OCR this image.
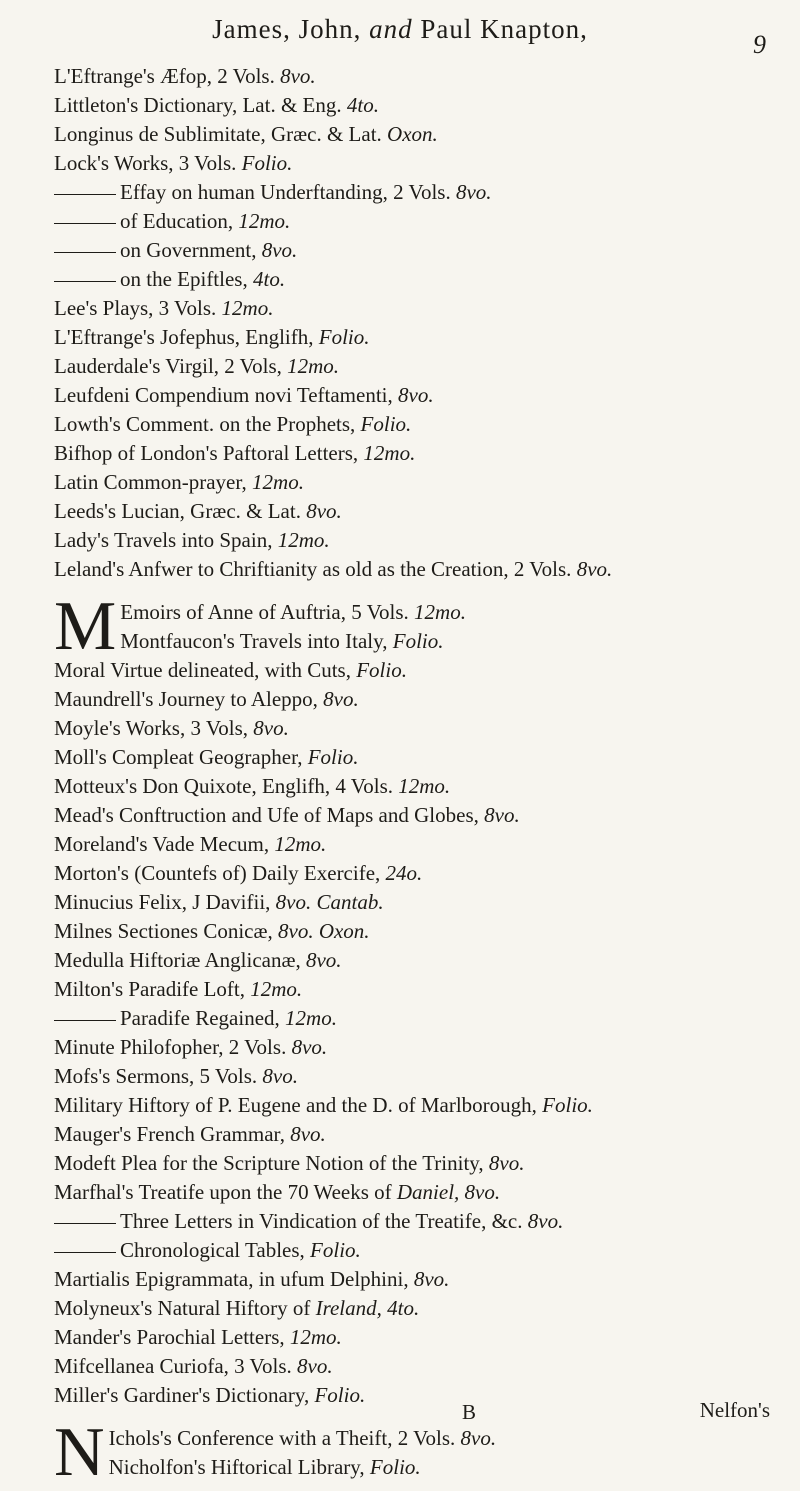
James, John, and Paul Knapton,
9
L'Eftrange's Æfop, 2 Vols. 8vo.
Littleton's Dictionary, Lat. & Eng. 4to.
Longinus de Sublimitate, Græc. & Lat. Oxon.
Lock's Works, 3 Vols. Folio.
Effay on human Underftanding, 2 Vols. 8vo.
of Education, 12mo.
on Government, 8vo.
on the Epiftles, 4to.
Lee's Plays, 3 Vols. 12mo.
L'Eftrange's Jofephus, Englifh, Folio.
Lauderdale's Virgil, 2 Vols, 12mo.
Leufdeni Compendium novi Teftamenti, 8vo.
Lowth's Comment. on the Prophets, Folio.
Bifhop of London's Paftoral Letters, 12mo.
Latin Common-prayer, 12mo.
Leeds's Lucian, Græc. & Lat. 8vo.
Lady's Travels into Spain, 12mo.
Leland's Anfwer to Chriftianity as old as the Creation, 2 Vols. 8vo.
M Emoirs of Anne of Auftria, 5 Vols. 12mo.
Montfaucon's Travels into Italy, Folio.
Moral Virtue delineated, with Cuts, Folio.
Maundrell's Journey to Aleppo, 8vo.
Moyle's Works, 3 Vols, 8vo.
Moll's Compleat Geographer, Folio.
Motteux's Don Quixote, Englifh, 4 Vols. 12mo.
Mead's Conftruction and Ufe of Maps and Globes, 8vo.
Moreland's Vade Mecum, 12mo.
Morton's (Countefs of) Daily Exercife, 24o.
Minucius Felix, J Davifii, 8vo. Cantab.
Milnes Sectiones Conicæ, 8vo. Oxon.
Medulla Hiftoriæ Anglicanæ, 8vo.
Milton's Paradife Loft, 12mo.
Paradife Regained, 12mo.
Minute Philofopher, 2 Vols. 8vo.
Mofs's Sermons, 5 Vols. 8vo.
Military Hiftory of P. Eugene and the D. of Marlborough, Folio.
Mauger's French Grammar, 8vo.
Modeft Plea for the Scripture Notion of the Trinity, 8vo.
Marfhal's Treatife upon the 70 Weeks of Daniel, 8vo.
Three Letters in Vindication of the Treatife, &c. 8vo.
Chronological Tables, Folio.
Martialis Epigrammata, in ufum Delphini, 8vo.
Molyneux's Natural Hiftory of Ireland, 4to.
Mander's Parochial Letters, 12mo.
Mifcellanea Curiofa, 3 Vols. 8vo.
Miller's Gardiner's Dictionary, Folio.
N Ichols's Conference with a Theift, 2 Vols. 8vo.
Nicholfon's Hiftorical Library, Folio.
B	Nelfon's
